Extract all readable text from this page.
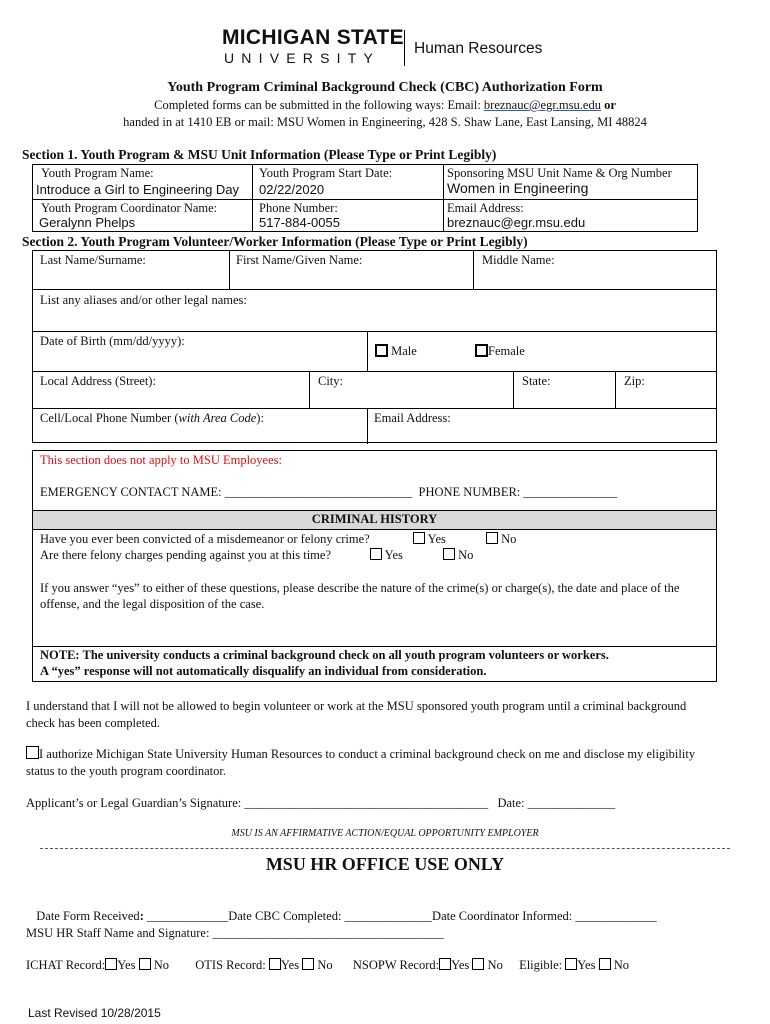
MICHIGAN STATE
UNIVERSITY
Human Resources
Youth Program Criminal Background Check (CBC) Authorization Form
Completed forms can be submitted in the following ways: Email: breznauc@egr.msu.edu or
handed in at 1410 EB or mail: MSU Women in Engineering, 428 S. Shaw Lane, East Lansing, MI 48824
Section 1. Youth Program & MSU Unit Information (Please Type or Print Legibly)
Youth Program Name:
Introduce a Girl to Engineering Day
Youth Program Start Date:
02/22/2020
Sponsoring MSU Unit Name & Org Number
Women in Engineering
Youth Program Coordinator Name:
Geralynn Phelps
Phone Number:
517-884-0055
Email Address:
breznauc@egr.msu.edu
Section 2. Youth Program Volunteer/Worker Information (Please Type or Print Legibly)
Last Name/Surname:	First Name/Given Name:	Middle Name:
List any aliases and/or other legal names:
Date of Birth (mm/dd/yyyy):
Male	Female
Local Address (Street):	City:	State:	Zip:
Cell/Local Phone Number (with Area Code):	Email Address:
This section does not apply to MSU Employees:
EMERGENCY CONTACT NAME: ______________________________  PHONE NUMBER: _______________
CRIMINAL HISTORY
Have you ever been convicted of a misdemeanor or felony crime?	Yes	No
Are there felony charges pending against you at this time?	Yes	No
If you answer “yes” to either of these questions, please describe the nature of the crime(s) or charge(s), the date and place of the offense, and the legal disposition of the case.
NOTE: The university conducts a criminal background check on all youth program volunteers or workers.
A “yes” response will not automatically disqualify an individual from consideration.
I understand that I will not be allowed to begin volunteer or work at the MSU sponsored youth program until a criminal background check has been completed.
I authorize Michigan State University Human Resources to conduct a criminal background check on me and disclose my eligibility status to the youth program coordinator.
Applicant’s or Legal Guardian’s Signature: _______________________________________   Date: ______________
MSU IS AN AFFIRMATIVE ACTION/EQUAL OPPORTUNITY EMPLOYER
MSU HR OFFICE USE ONLY

Date Form Received: _____________Date CBC Completed: ______________Date Coordinator Informed: _____________

MSU HR Staff Name and Signature: _____________________________________
ICHAT Record: Yes No OTIS Record: Yes No NSOPW Record: Yes No Eligible: Yes No
Last Revised 10/28/2015
